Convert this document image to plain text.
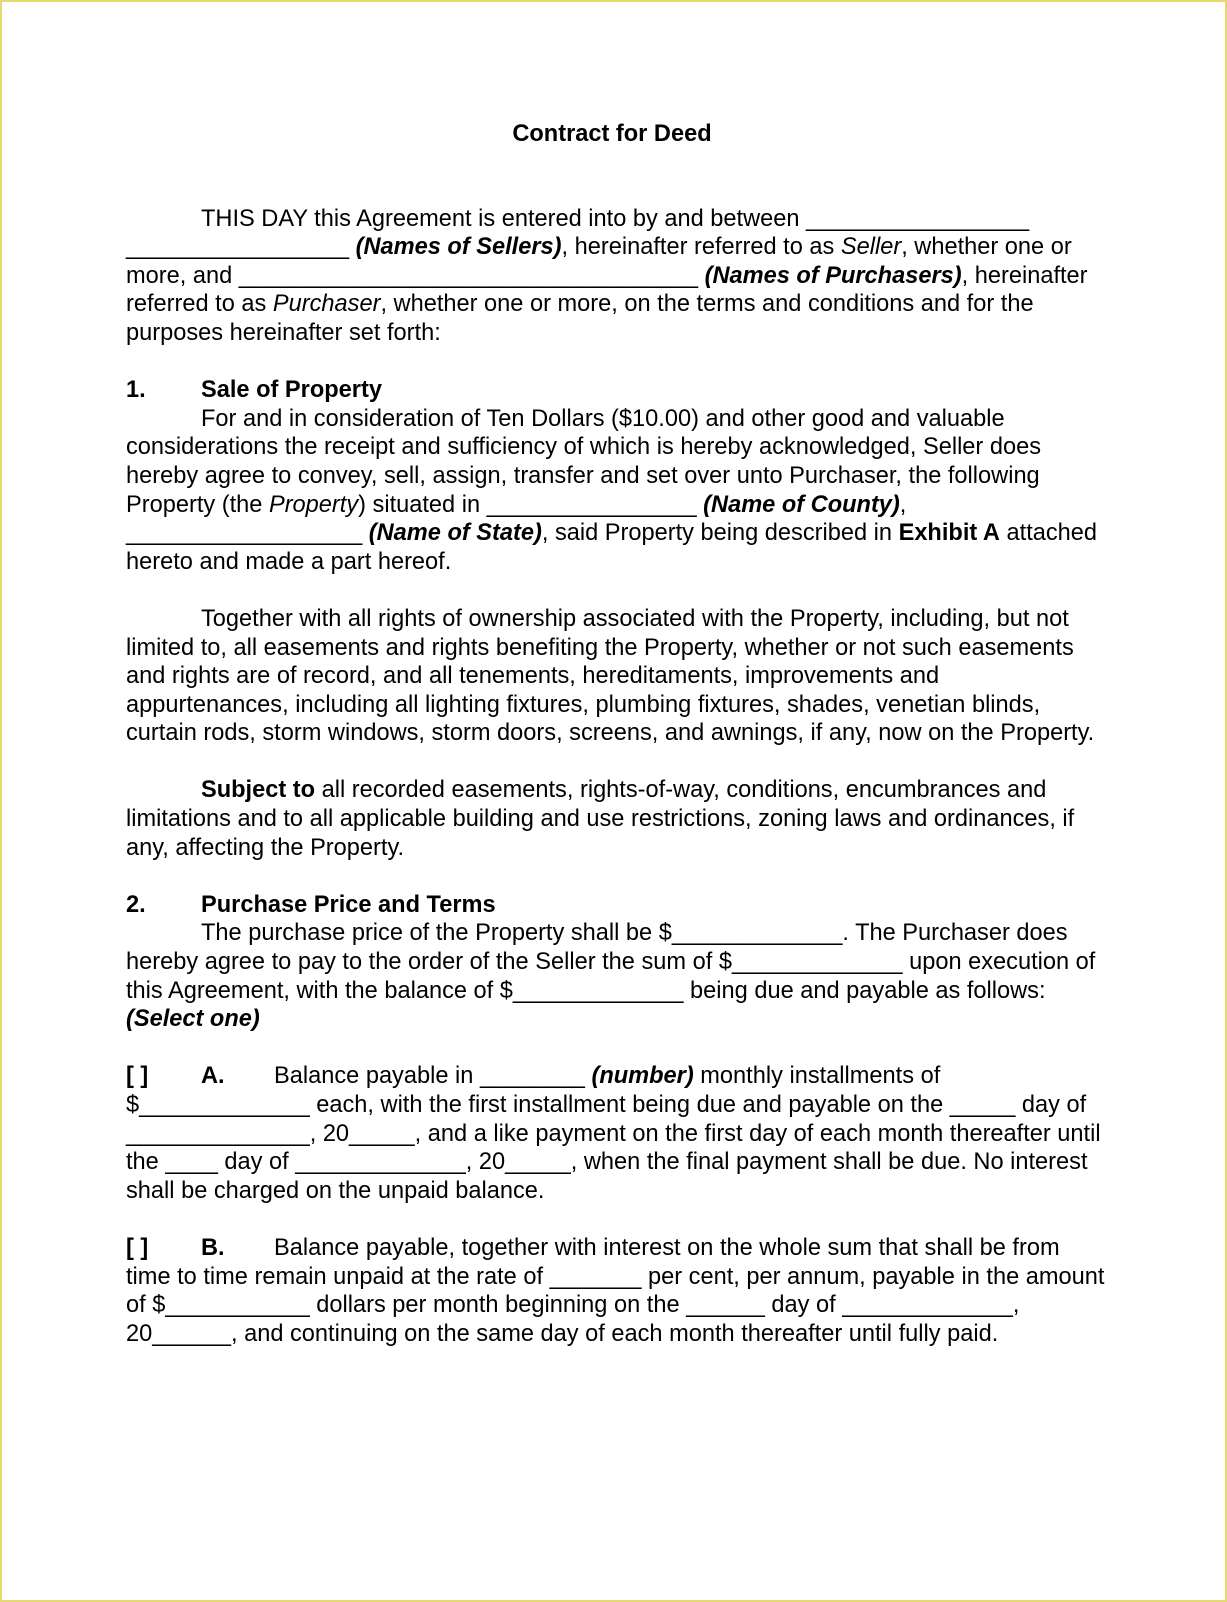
Contract for Deed

THIS DAY this Agreement is entered into by and between _________________ _________________ (Names of Sellers), hereinafter referred to as Seller, whether one or more, and ___________________________________ (Names of Purchasers), hereinafter referred to as Purchaser, whether one or more, on the terms and conditions and for the purposes hereinafter set forth:

1.	Sale of Property

For and in consideration of Ten Dollars ($10.00) and other good and valuable considerations the receipt and sufficiency of which is hereby acknowledged, Seller does hereby agree to convey, sell, assign, transfer and set over unto Purchaser, the following Property (the Property) situated in ________________ (Name of County), __________________ (Name of State), said Property being described in Exhibit A attached hereto and made a part hereof.

Together with all rights of ownership associated with the Property, including, but not limited to, all easements and rights benefiting the Property, whether or not such easements and rights are of record, and all tenements, hereditaments, improvements and appurtenances, including all lighting fixtures, plumbing fixtures, shades, venetian blinds, curtain rods, storm windows, storm doors, screens, and awnings, if any, now on the Property.

Subject to all recorded easements, rights-of-way, conditions, encumbrances and limitations and to all applicable building and use restrictions, zoning laws and ordinances, if any, affecting the Property.

2.	Purchase Price and Terms

The purchase price of the Property shall be $_____________. The Purchaser does hereby agree to pay to the order of the Seller the sum of $_____________ upon execution of this Agreement, with the balance of $_____________ being due and payable as follows: (Select one)

[ ] A. Balance payable in ________ (number) monthly installments of $_____________ each, with the first installment being due and payable on the _____ day of ______________, 20_____, and a like payment on the first day of each month thereafter until the ____ day of _____________, 20_____, when the final payment shall be due. No interest shall be charged on the unpaid balance.

[ ] B. Balance payable, together with interest on the whole sum that shall be from time to time remain unpaid at the rate of _______ per cent, per annum, payable in the amount of $___________ dollars per month beginning on the ______ day of _____________, 20______, and continuing on the same day of each month thereafter until fully paid.
